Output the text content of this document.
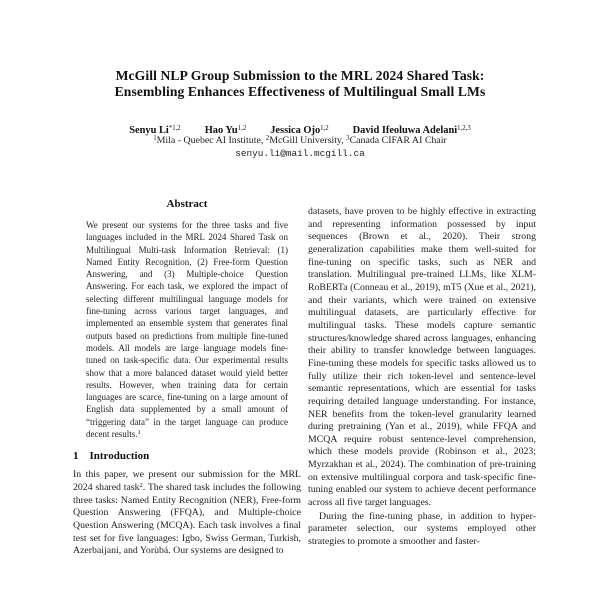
McGill NLP Group Submission to the MRL 2024 Shared Task:
Ensembling Enhances Effectiveness of Multilingual Small LMs
Senyu Li$^{*1,2}$ Hao Yu$^{1,2}$ Jessica Ojo$^{1,2}$ David Ifeoluwa Adelani$^{1,2,3}$
$^1$Mila - Quebec AI Institute, $^2$McGill University, $^3$Canada CIFAR AI Chair
senyu.li@mail.mcgill.ca
Abstract

We present our systems for the three tasks and five languages included in the MRL 2024 Shared Task on Multilingual Multi-task Information Retrieval: (1) Named Entity Recognition, (2) Free-form Question Answering, and (3) Multiple-choice Question Answering. For each task, we explored the impact of selecting different multilingual language models for fine-tuning across various target languages, and implemented an ensemble system that generates final outputs based on predictions from multiple fine-tuned models. All models are large language models fine-tuned on task-specific data. Our experimental results show that a more balanced dataset would yield better results. However, when training data for certain languages are scarce, fine-tuning on a large amount of English data supplemented by a small amount of “triggering data” in the target language can produce decent results.$^1$

1 Introduction

In this paper, we present our submission for the MRL 2024 shared task$^2$. The shared task includes the following three tasks: Named Entity Recognition (NER), Free-form Question Answering (FFQA), and Multiple-choice Question Answering (MCQA). Each task involves a final test set for five languages: Igbo, Swiss German, Turkish, Azerbaijani, and Yorùbá. Our systems are designed to

datasets, have proven to be highly effective in extracting and representing information possessed by input sequences (Brown et al., 2020). Their strong generalization capabilities make them well-suited for fine-tuning on specific tasks, such as NER and translation. Multilingual pre-trained LLMs, like XLM-RoBERTa (Conneau et al., 2019), mT5 (Xue et al., 2021), and their variants, which were trained on extensive multilingual datasets, are particularly effective for multilingual tasks. These models capture semantic structures/knowledge shared across languages, enhancing their ability to transfer knowledge between languages. Fine-tuning these models for specific tasks allowed us to fully utilize their rich token-level and sentence-level semantic representations, which are essential for tasks requiring detailed language understanding. For instance, NER benefits from the token-level granularity learned during pretraining (Yan et al., 2019), while FFQA and MCQA require robust sentence-level comprehension, which these models provide (Robinson et al., 2023; Myrzakhan et al., 2024). The combination of pre-training on extensive multilingual corpora and task-specific fine-tuning enabled our system to achieve decent performance across all five target languages.

During the fine-tuning phase, in addition to hyper-parameter selection, our systems employed other strategies to promote a smoother and faster-
